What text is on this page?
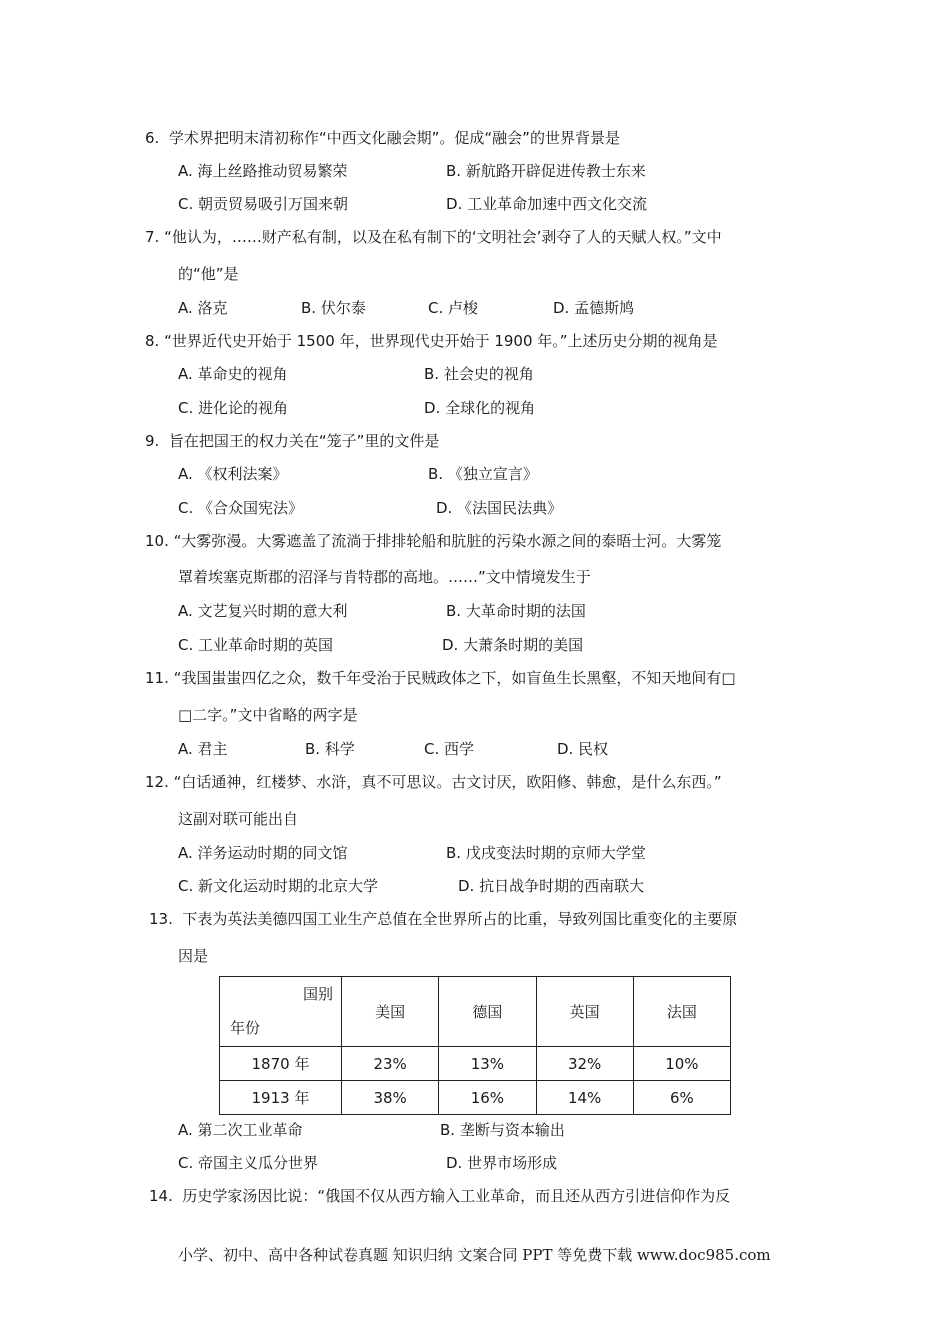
6. 学术界把明末清初称作“中西文化融会期”。促成“融会”的世界背景是
A. 海上丝路推动贸易繁荣	B. 新航路开辟促进传教士东来
C. 朝贡贸易吸引万国来朝	D. 工业革命加速中西文化交流
7. “他认为，……财产私有制，以及在私有制下的‘文明社会’剥夺了人的天赋人权。”文中
的“他”是
A. 洛克	B. 伏尔泰	C. 卢梭	D. 孟德斯鸠
8. “世界近代史开始于 1500 年，世界现代史开始于 1900 年。”上述历史分期的视角是
A. 革命史的视角	B. 社会史的视角
C. 进化论的视角	D. 全球化的视角
9. 旨在把国王的权力关在“笼子”里的文件是
A. 《权利法案》	B. 《独立宣言》
C. 《合众国宪法》	D. 《法国民法典》
10. “大雾弥漫。大雾遮盖了流淌于排排轮船和肮脏的污染水源之间的泰晤士河。大雾笼
罩着埃塞克斯郡的沼泽与肯特郡的高地。……”文中情境发生于
A. 文艺复兴时期的意大利	B. 大革命时期的法国
C. 工业革命时期的英国	D. 大萧条时期的美国
11. “我国蚩蚩四亿之众，数千年受治于民贼政体之下，如盲鱼生长黑壑，不知天地间有□
□二字。”文中省略的两字是
A. 君主	B. 科学	C. 西学	D. 民权
12. “白话通神，红楼梦、水浒，真不可思议。古文讨厌，欧阳修、韩愈，是什么东西。”
这副对联可能出自
A. 洋务运动时期的同文馆	B. 戊戌变法时期的京师大学堂
C. 新文化运动时期的北京大学	D. 抗日战争时期的西南联大
13. 下表为英法美德四国工业生产总值在全世界所占的比重，导致列国比重变化的主要原
因是
国别
年份	美国	德国	英国	法国
1870 年	23%	13%	32%	10%
1913 年	38%	16%	14%	6%
A. 第二次工业革命	B. 垄断与资本输出
C. 帝国主义瓜分世界	D. 世界市场形成
14. 历史学家汤因比说：“俄国不仅从西方输入工业革命，而且还从西方引进信仰作为反
小学、初中、高中各种试卷真题 知识归纳 文案合同 PPT 等免费下载 www.doc985.com
